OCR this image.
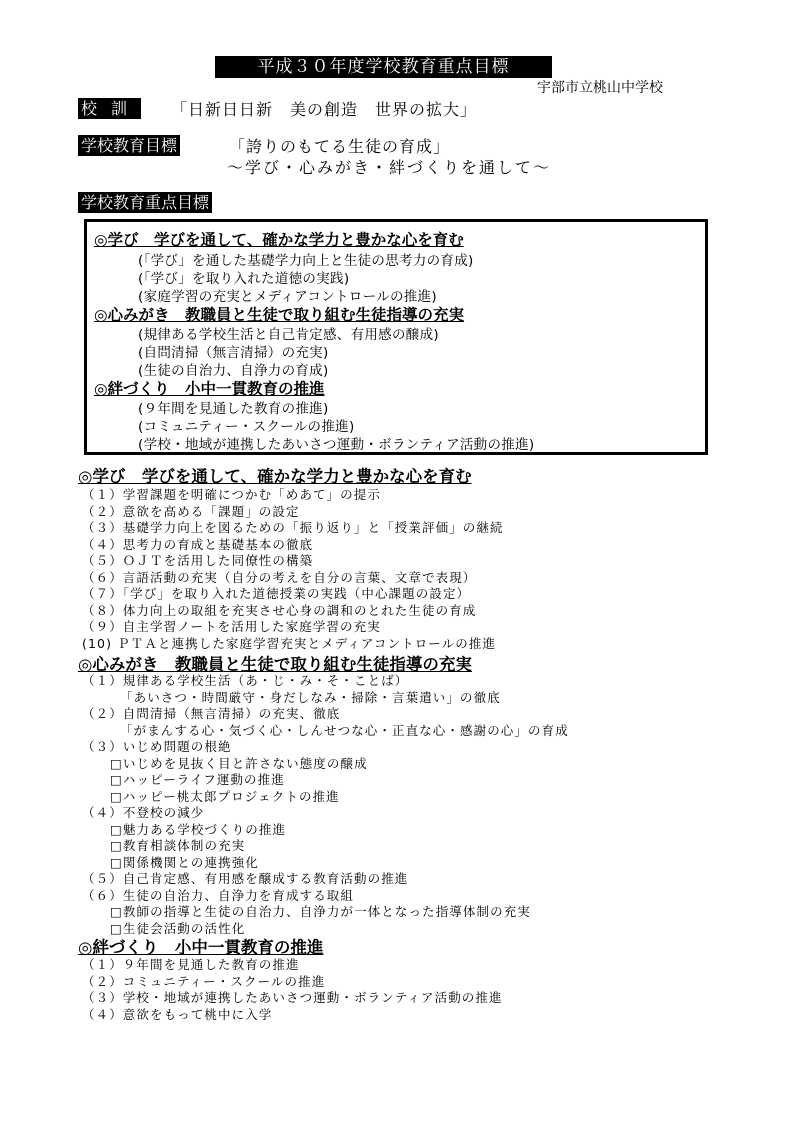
平成３０年度学校教育重点目標
宇部市立桃山中学校
校訓 「日新日日新　美の創造　世界の拡大」
学校教育目標	「誇りのもてる生徒の育成」
～学び・心みがき・絆づくりを通して～
学校教育重点目標
◎学び　学びを通して、確かな学力と豊かな心を育む
(「学び」を通した基礎学力向上と生徒の思考力の育成)
(「学び」を取り入れた道徳の実践)
(家庭学習の充実とメディアコントロールの推進)
◎心みがき　教職員と生徒で取り組む生徒指導の充実
(規律ある学校生活と自己肯定感、有用感の醸成)
(自問清掃（無言清掃）の充実)
(生徒の自治力、自浄力の育成)
◎絆づくり　小中一貫教育の推進
(９年間を見通した教育の推進)
(コミュニティー・スクールの推進)
(学校・地域が連携したあいさつ運動・ボランティア活動の推進)
◎学び　学びを通して、確かな学力と豊かな心を育む
（１）学習課題を明確につかむ「めあて」の提示
（２）意欲を高める「課題」の設定
（３）基礎学力向上を図るための「振り返り」と「授業評価」の継続
（４）思考力の育成と基礎基本の徹底
（５）ＯＪＴを活用した同僚性の構築
（６）言語活動の充実（自分の考えを自分の言葉、文章で表現）
（７）「学び」を取り入れた道徳授業の実践（中心課題の設定）
（８）体力向上の取組を充実させ心身の調和のとれた生徒の育成
（９）自主学習ノートを活用した家庭学習の充実
(10) ＰＴＡと連携した家庭学習充実とメディアコントロールの推進
◎心みがき　教職員と生徒で取り組む生徒指導の充実
（１）規律ある学校生活（あ・じ・み・そ・ことば）
「あいさつ・時間厳守・身だしなみ・掃除・言葉遣い」の徹底
（２）自問清掃（無言清掃）の充実、徹底
「がまんする心・気づく心・しんせつな心・正直な心・感謝の心」の育成
（３）いじめ問題の根絶
□いじめを見抜く目と許さない態度の醸成
□ハッピーライフ運動の推進
□ハッピー桃太郎プロジェクトの推進
（４）不登校の減少
□魅力ある学校づくりの推進
□教育相談体制の充実
□関係機関との連携強化
（５）自己肯定感、有用感を醸成する教育活動の推進
（６）生徒の自治力、自浄力を育成する取組
□教師の指導と生徒の自治力、自浄力が一体となった指導体制の充実
□生徒会活動の活性化
◎絆づくり　小中一貫教育の推進
（１）９年間を見通した教育の推進
（２）コミュニティー・スクールの推進
（３）学校・地域が連携したあいさつ運動・ボランティア活動の推進
（４）意欲をもって桃中に入学
